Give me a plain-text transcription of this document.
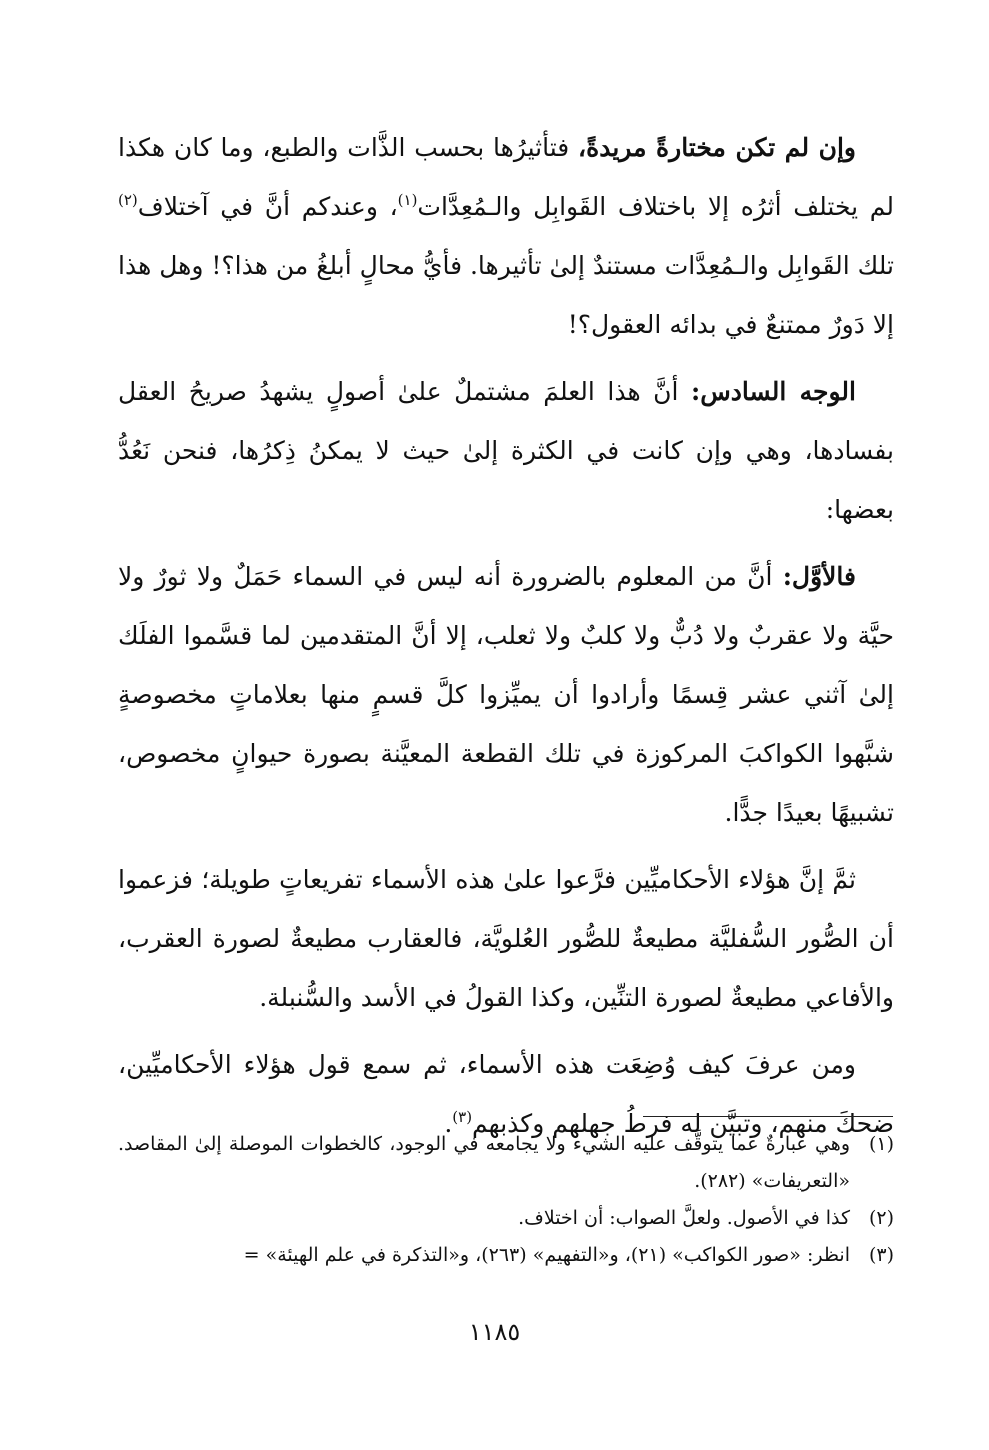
وإن لم تكن مختارةً مريدةً، فتأثيرُها بحسب الذَّات والطبع، وما كان هكذا لم يختلف أثرُه إلا باختلاف القَوابِل والـمُعِدَّات$^{(١)}$، وعندكم أنَّ في آختلاف$^{(٢)}$ تلك القَوابِل والـمُعِدَّات مستندٌ إلىٰ تأثيرها. فأيُّ محالٍ أبلغُ من هذا؟! وهل هذا إلا دَورٌ ممتنعٌ في بدائه العقول؟!

الوجه السادس: أنَّ هذا العلمَ مشتملٌ علىٰ أصولٍ يشهدُ صريحُ العقل بفسادها، وهي وإن كانت في الكثرة إلىٰ حيث لا يمكنُ ذِكرُها، فنحن نَعُدُّ بعضها:

فالأوَّل: أنَّ من المعلوم بالضرورة أنه ليس في السماء حَمَلٌ ولا ثورٌ ولا حيَّة ولا عقربٌ ولا دُبٌّ ولا كلبٌ ولا ثعلب، إلا أنَّ المتقدمين لما قسَّموا الفلَك إلىٰ آثني عشر قِسمًا وأرادوا أن يميِّزوا كلَّ قسمٍ منها بعلاماتٍ مخصوصةٍ شبَّهوا الكواكبَ المركوزة في تلك القطعة المعيَّنة بصورة حيوانٍ مخصوص، تشبيهًا بعيدًا جدًّا.

ثمَّ إنَّ هؤلاء الأحكاميِّين فرَّعوا علىٰ هذه الأسماء تفريعاتٍ طويلة؛ فزعموا أن الصُّور السُّفليَّة مطيعةٌ للصُّور العُلويَّة، فالعقارب مطيعةٌ لصورة العقرب، والأفاعي مطيعةٌ لصورة التنِّين، وكذا القولُ في الأسد والسُّنبلة.

ومن عرفَ كيف وُضِعَت هذه الأسماء، ثم سمع قول هؤلاء الأحكاميِّين، ضحكَ منهم، وتبيَّن له فرطُ جهلهم وكذبهم$^{(٣)}$.

(١)
وهي عبارةٌ عما يتوقَّف عليه الشيء ولا يجامعه في الوجود، كالخطوات الموصلة إلىٰ المقاصد. «التعريفات» (٢٨٢).
(٢)
كذا في الأصول. ولعلَّ الصواب: أن اختلاف.
(٣)
انظر: «صور الكواكب» (٢١)، و«التفهيم» (٢٦٣)، و«التذكرة في علم الهيئة» =
١١٨٥
